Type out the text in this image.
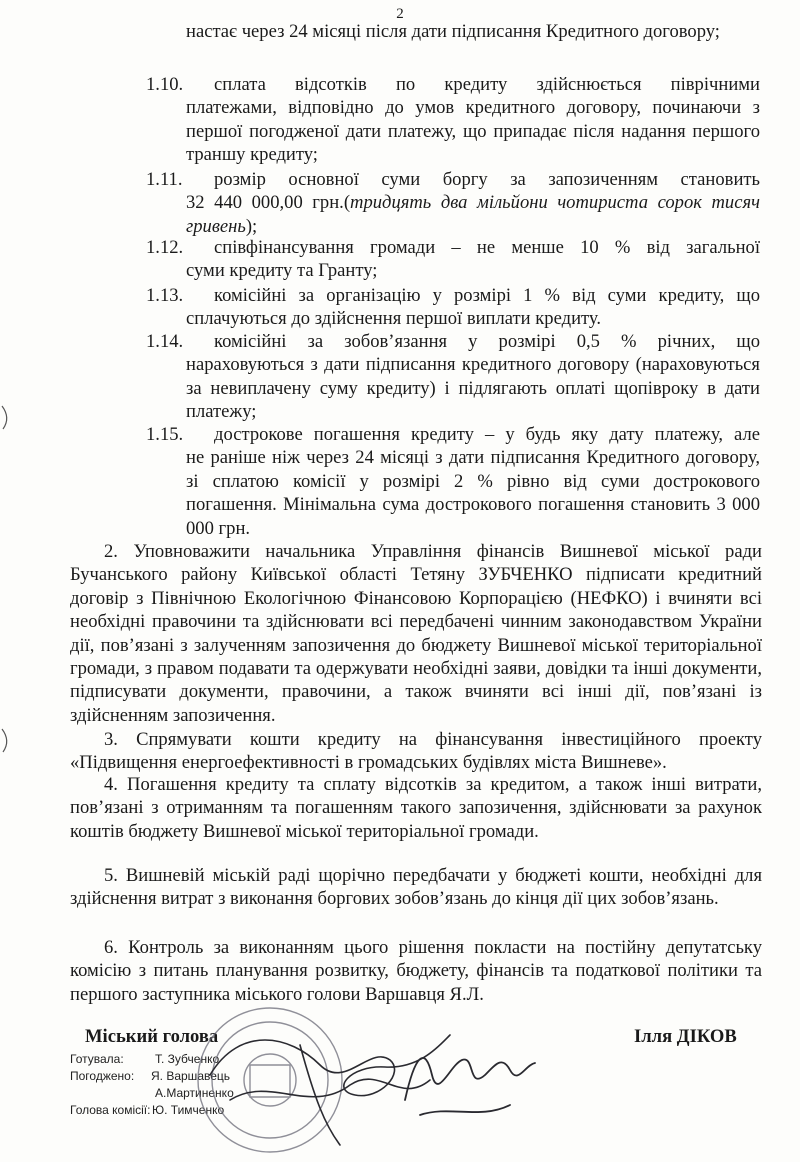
2
настає через 24 місяці після дати підписання Кредитного договору;
1.10. сплата відсотків по кредиту здійснюється піврічними
платежами, відповідно до умов кредитного договору, починаючи з першої погодженої дати платежу, що припадає після надання першого траншу кредиту;
1.11. розмір основної суми боргу за запозиченням становить
32 440 000,00 грн.(тридцять два мільйони чотириста сорок тисяч гривень);
1.12. співфінансування громади – не менше 10 % від загальної
суми кредиту та Гранту;
1.13. комісійні за організацію у розмірі 1 % від суми кредиту, що
сплачуються до здійснення першої виплати кредиту.
1.14. комісійні за зобов’язання у розмірі 0,5 % річних, що
нараховуються з дати підписання кредитного договору (нараховуються за невиплачену суму кредиту) і підлягають оплаті щопівроку в дати платежу;
1.15. дострокове погашення кредиту – у будь яку дату платежу, але
не раніше ніж через 24 місяці з дати підписання Кредитного договору, зі сплатою комісії у розмірі 2 % рівно від суми дострокового погашення. Мінімальна сума дострокового погашення становить 3 000 000 грн.
2. Уповноважити начальника Управління фінансів Вишневої міської ради Бучанського району Київської області Тетяну ЗУБЧЕНКО підписати кредитний договір з Північною Екологічною Фінансовою Корпорацією (НЕФКО) і вчиняти всі необхідні правочини та здійснювати всі передбачені чинним законодавством України дії, пов’язані з залученням запозичення до бюджету Вишневої міської територіальної громади, з правом подавати та одержувати необхідні заяви, довідки та інші документи, підписувати документи, правочини, а також вчиняти всі інші дії, пов’язані із здійсненням запозичення.
3. Спрямувати кошти кредиту на фінансування інвестиційного проекту «Підвищення енергоефективності в громадських будівлях міста Вишневе».
4. Погашення кредиту та сплату відсотків за кредитом, а також інші витрати, пов’язані з отриманням та погашенням такого запозичення, здійснювати за рахунок коштів бюджету Вишневої міської територіальної громади.
5. Вишневій міській раді щорічно передбачати у бюджеті кошти, необхідні для здійснення витрат з виконання боргових зобов’язань до кінця дії цих зобов’язань.
6. Контроль за виконанням цього рішення покласти на постійну депутатську комісію з питань планування розвитку, бюджету, фінансів та податкової політики та першого заступника міського голови Варшавця Я.Л.
Міський голова	Ілля ДІКОВ
Готувала:	Т. Зубченко
Погоджено: Я. Варшавець
А.Мартиненко
Голова комісії: Ю. Тимченко
